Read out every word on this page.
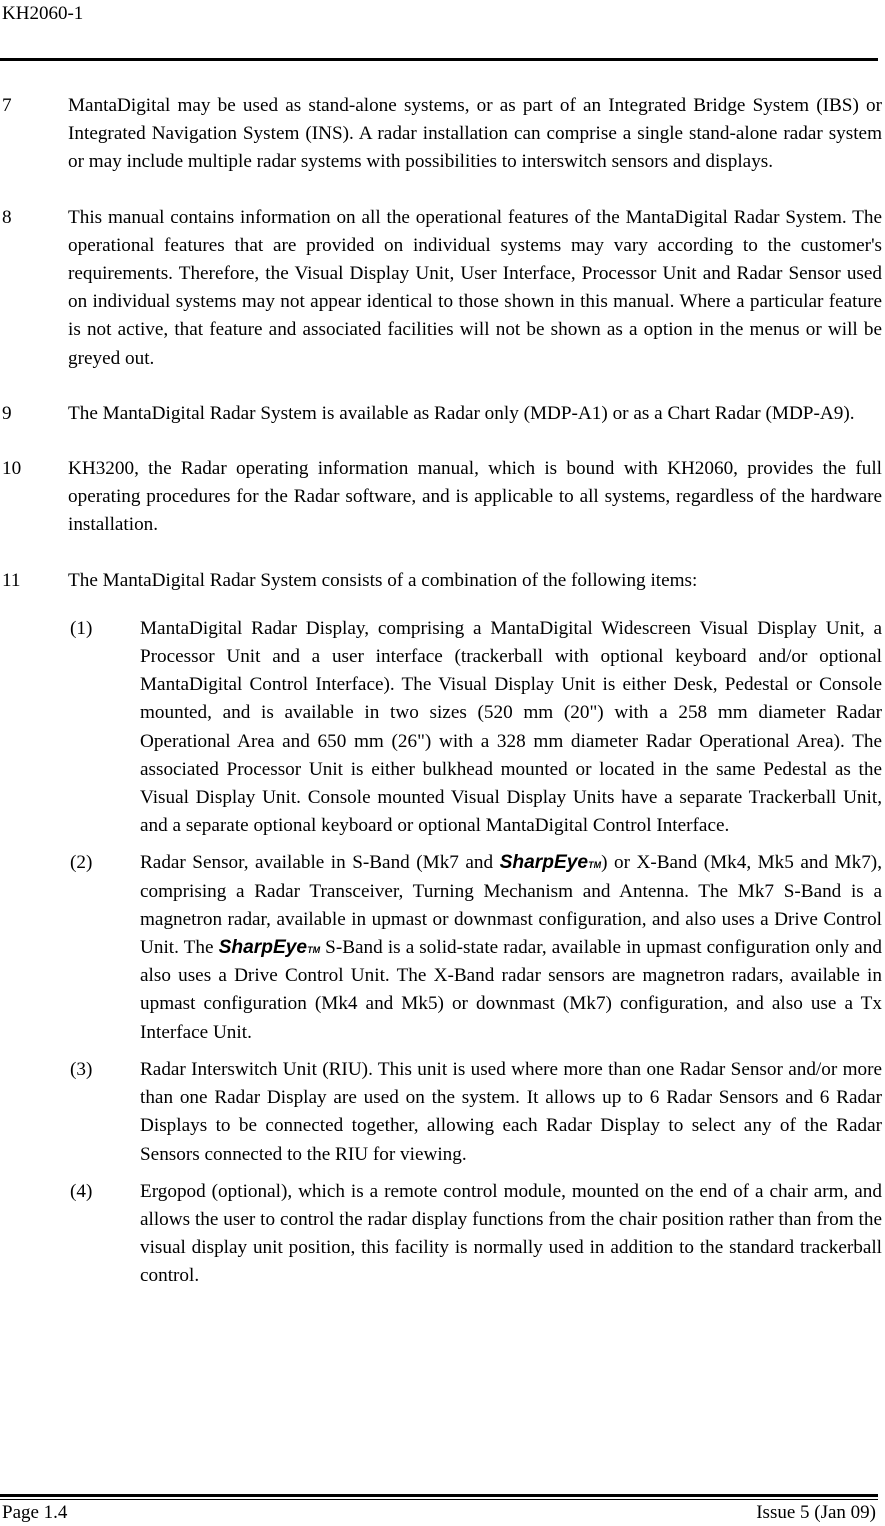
KH2060-1

7	MantaDigital may be used as stand-alone systems, or as part of an Integrated Bridge System (IBS) or Integrated Navigation System (INS). A radar installation can comprise a single stand-alone radar system or may include multiple radar systems with possibilities to interswitch sensors and displays.

8	This manual contains information on all the operational features of the MantaDigital Radar System. The operational features that are provided on individual systems may vary according to the customer's requirements. Therefore, the Visual Display Unit, User Interface, Processor Unit and Radar Sensor used on individual systems may not appear identical to those shown in this manual. Where a particular feature is not active, that feature and associated facilities will not be shown as a option in the menus or will be greyed out.

9	The MantaDigital Radar System is available as Radar only (MDP-A1) or as a Chart Radar (MDP-A9).

10 KH3200, the Radar operating information manual, which is bound with KH2060, provides the full operating procedures for the Radar software, and is applicable to all systems, regardless of the hardware installation.

11 The MantaDigital Radar System consists of a combination of the following items:

(1) MantaDigital Radar Display, comprising a MantaDigital Widescreen Visual Display Unit, a Processor Unit and a user interface (trackerball with optional keyboard and/or optional MantaDigital Control Interface). The Visual Display Unit is either Desk, Pedestal or Console mounted, and is available in two sizes (520 mm (20") with a 258 mm diameter Radar Operational Area and 650 mm (26") with a 328 mm diameter Radar Operational Area). The associated Processor Unit is either bulkhead mounted or located in the same Pedestal as the Visual Display Unit. Console mounted Visual Display Units have a separate Trackerball Unit, and a separate optional keyboard or optional MantaDigital Control Interface.
(2) Radar Sensor, available in S-Band (Mk7 and SharpEye™) or X-Band (Mk4, Mk5 and Mk7), comprising a Radar Transceiver, Turning Mechanism and Antenna. The Mk7 S-Band is a magnetron radar, available in upmast or downmast configuration, and also uses a Drive Control Unit. The SharpEye™ S-Band is a solid-state radar, available in upmast configuration only and also uses a Drive Control Unit. The X-Band radar sensors are magnetron radars, available in upmast configuration (Mk4 and Mk5) or downmast (Mk7) configuration, and also use a Tx Interface Unit.
(3) Radar Interswitch Unit (RIU). This unit is used where more than one Radar Sensor and/or more than one Radar Display are used on the system. It allows up to 6 Radar Sensors and 6 Radar Displays to be connected together, allowing each Radar Display to select any of the Radar Sensors connected to the RIU for viewing.
(4) Ergopod (optional), which is a remote control module, mounted on the end of a chair arm, and allows the user to control the radar display functions from the chair position rather than from the visual display unit position, this facility is normally used in addition to the standard trackerball control.
Page 1.4	Issue 5 (Jan 09)
